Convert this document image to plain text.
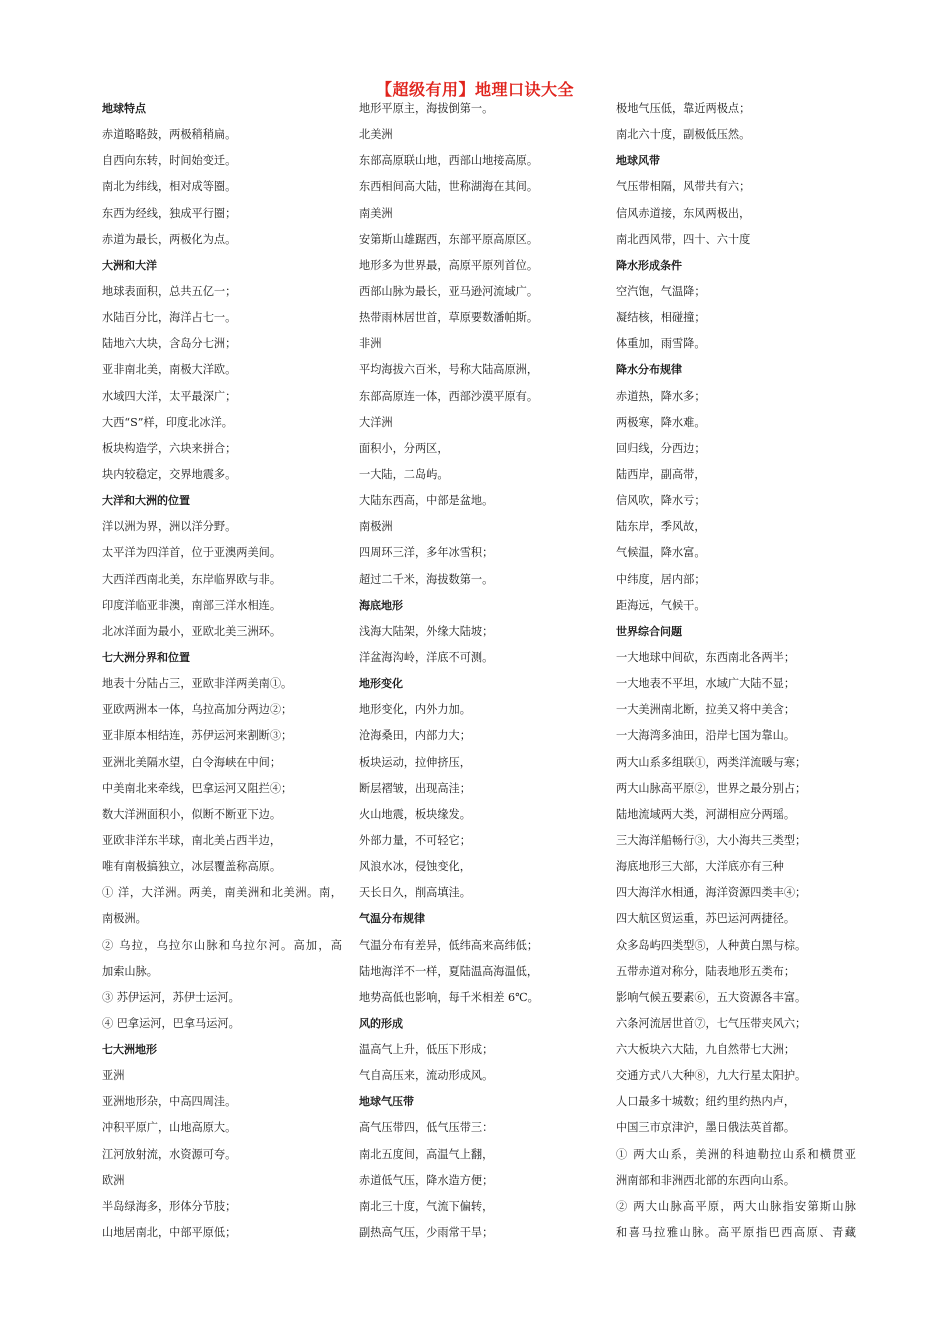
【超级有用】地理口诀大全
地球特点
赤道略略鼓，两极稍稍扁。
自西向东转，时间始变迁。
南北为纬线，相对成等圈。
东西为经线，独成平行圈；
赤道为最长，两极化为点。
大洲和大洋
地球表面积，总共五亿一；
水陆百分比，海洋占七一。
陆地六大块，含岛分七洲；
亚非南北美，南极大洋欧。
水域四大洋，太平最深广；
大西“S”样，印度北冰洋。
板块构造学，六块来拼合；
块内较稳定，交界地震多。
大洋和大洲的位置
洋以洲为界，洲以洋分野。
太平洋为四洋首，位于亚澳两美间。
大西洋西南北美，东岸临界欧与非。
印度洋临亚非澳，南部三洋水相连。
北冰洋面为最小，亚欧北美三洲环。
七大洲分界和位置
地表十分陆占三，亚欧非洋两美南①。
亚欧两洲本一体，乌拉高加分两边②；
亚非原本相结连，苏伊运河来割断③；
亚洲北美隔水望，白令海峡在中间；
中美南北来牵线，巴拿运河又阻拦④；
数大洋洲面积小，似断不断亚下边。
亚欧非洋东半球，南北美占西半边，
唯有南极搞独立，冰层覆盖称高原。
① 洋，大洋洲。两美，南美洲和北美洲。南，
南极洲。
② 乌拉，乌拉尔山脉和乌拉尔河。高加，高
加索山脉。
③ 苏伊运河，苏伊士运河。
④ 巴拿运河，巴拿马运河。
七大洲地形
亚洲
亚洲地形杂，中高四周洼。
冲积平原广，山地高原大。
江河放射流，水资源可夸。
欧洲
半岛绿海多，形体分节肢；
山地居南北，中部平原低；
地形平原主，海拔倒第一。
北美洲
东部高原联山地，西部山地接高原。
东西相间高大陆，世称湖海在其间。
南美洲
安第斯山雄踞西，东部平原高原区。
地形多为世界最，高原平原列首位。
西部山脉为最长，亚马逊河流域广。
热带雨林居世首，草原要数潘帕斯。
非洲
平均海拔六百米，号称大陆高原洲，
东部高原连一体，西部沙漠平原有。
大洋洲
面积小，分两区，
一大陆，二岛屿。
大陆东西高，中部是盆地。
南极洲
四周环三洋，多年冰雪积；
超过二千米，海拔数第一。
海底地形
浅海大陆架，外缘大陆坡；
洋盆海沟岭，洋底不可测。
地形变化
地形变化，内外力加。
沧海桑田，内部力大；
板块运动，拉伸挤压，
断层褶皱，出现高洼；
火山地震，板块缘发。
外部力量，不可轻它；
风浪水冰，侵蚀变化，
天长日久，削高填洼。
气温分布规律
气温分布有差异，低纬高来高纬低；
陆地海洋不一样，夏陆温高海温低，
地势高低也影响，每千米相差 6℃。
风的形成
温高气上升，低压下形成；
气自高压来，流动形成风。
地球气压带
高气压带四，低气压带三：
南北五度间，高温气上翻，
赤道低气压，降水造方便；
南北三十度，气流下偏转，
副热高气压，少雨常干旱；
极地气压低，靠近两极点；
南北六十度，副极低压然。
地球风带
气压带相隔，风带共有六；
信风赤道接，东风两极出，
南北西风带，四十、六十度
降水形成条件
空汽饱，气温降；
凝结核，相碰撞；
体重加，雨雪降。
降水分布规律
赤道热，降水多；
两极寒，降水难。
回归线，分西边；
陆西岸，副高带，
信风吹，降水亏；
陆东岸，季风故，
气候温，降水富。
中纬度，居内部；
距海远，气候干。
世界综合问题
一大地球中间砍，东西南北各两半；
一大地表不平坦，水域广大陆不显；
一大美洲南北断，拉美又将中美含；
一大海湾多油田，沿岸七国为靠山。
两大山系多组联①，两类洋流暖与寒；
两大山脉高平原②，世界之最分别占；
陆地流域两大类，河湖相应分两瑶。
三大海洋船畅行③，大小海共三类型；
海底地形三大部，大洋底亦有三种
四大海洋水相通，海洋资源四类丰④；
四大航区贸运重，苏巴运河两捷径。
众多岛屿四类型⑤，人种黄白黑与棕。
五带赤道对称分，陆表地形五类布；
影响气候五要素⑥，五大资源各丰富。
六条河流居世首⑦，七气压带夹风六；
六大板块六大陆，九自然带七大洲；
交通方式八大种⑧，九大行星太阳护。
人口最多十城数；纽约里约热内卢，
中国三市京津沪，墨日俄法英首都。
① 两大山系，美洲的科迪勒拉山系和横贯亚
洲南部和非洲西北部的东西向山系。
② 两大山脉高平原，两大山脉指安第斯山脉
和喜马拉雅山脉。高平原指巴西高原、青藏
